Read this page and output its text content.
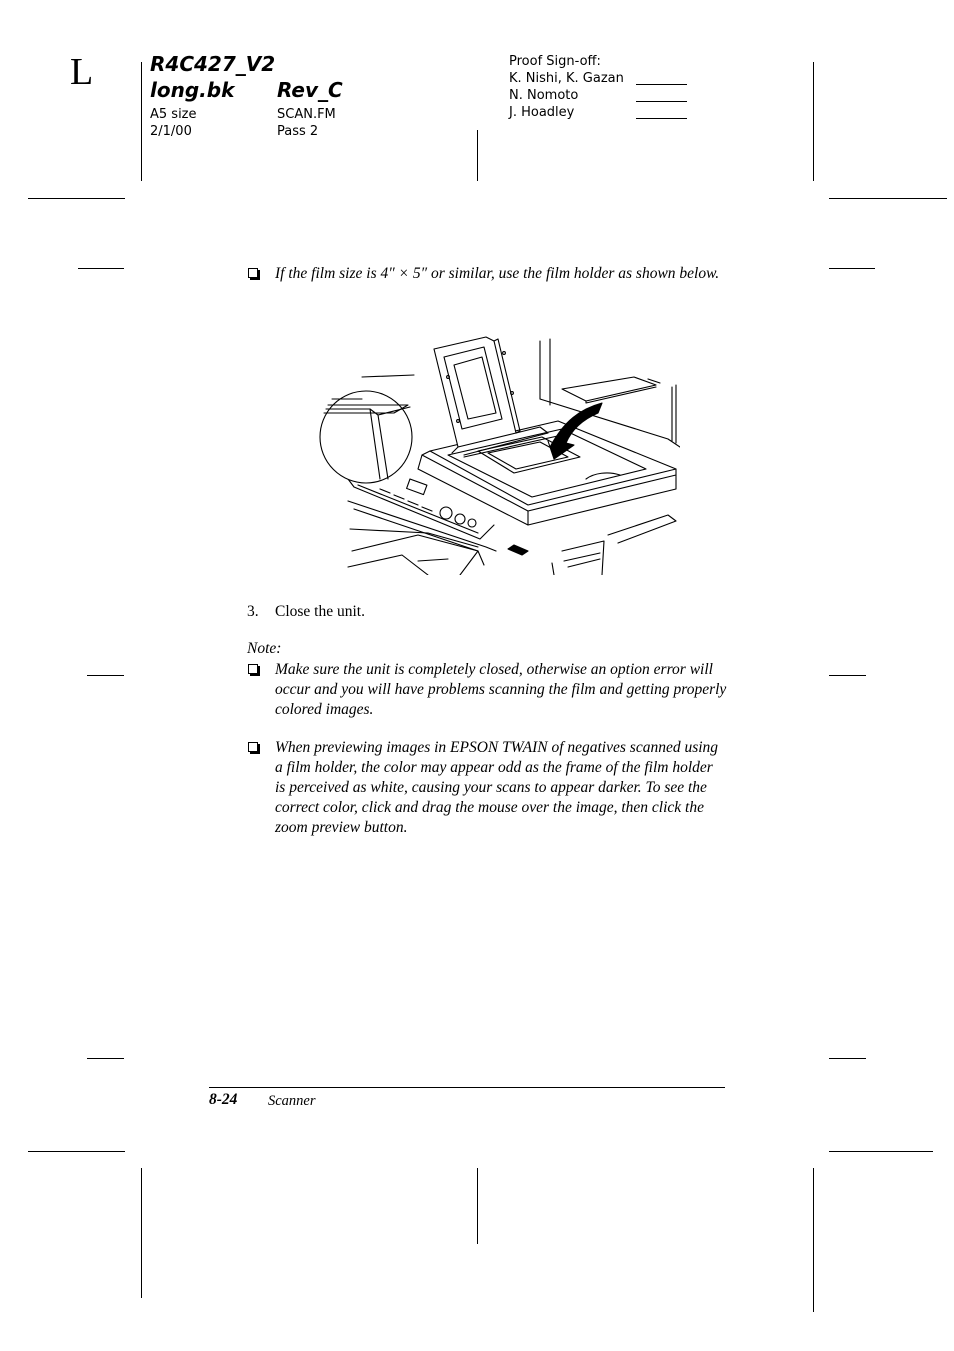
L	R4C427_V2
long.bk Rev_C
A5 size	SCAN.FM
2/1/00	Pass 2
Proof Sign-off:
K. Nishi, K. Gazan
N. Nomoto
J. Hoadley
If the film size is 4″ × 5″ or similar, use the film holder as shown below.
3. Close the unit.
Note:
Make sure the unit is completely closed, otherwise an option error will occur and you will have problems scanning the film and getting properly colored images.
When previewing images in EPSON TWAIN of negatives scanned using a film holder, the color may appear odd as the frame of the film holder is perceived as white, causing your scans to appear darker. To see the correct color, click and drag the mouse over the image, then click the zoom preview button.
8-24 Scanner
